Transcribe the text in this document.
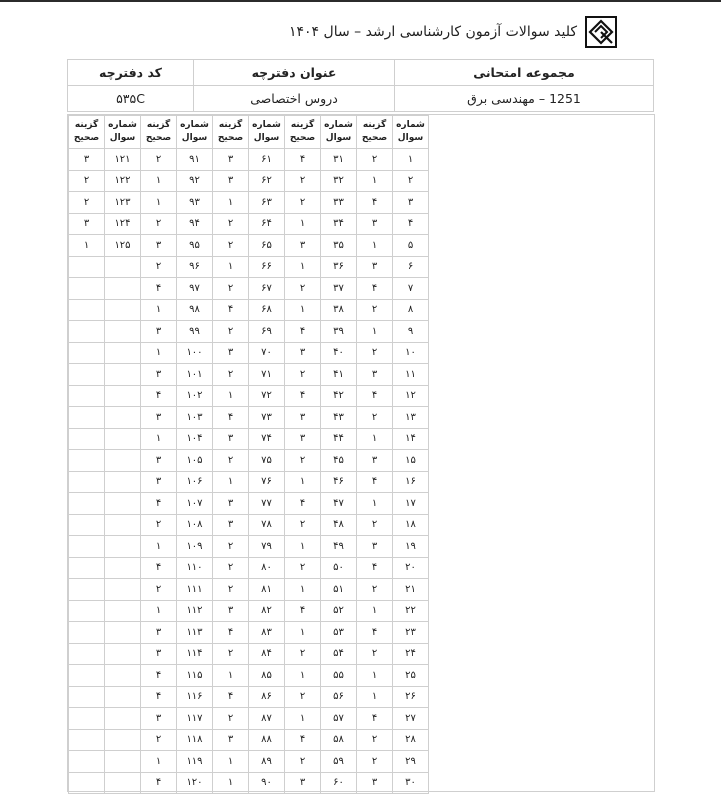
کلید سوالات آزمون کارشناسی ارشد – سال ۱۴۰۴
مجموعه امتحانی	عنوان دفترچه	کد دفترچه
1251 – مهندسی برق	دروس اختصاصی	۵۳۵C
شماره سوال	گزینه صحیح	شماره سوال	گزینه صحیح	شماره سوال	گزینه صحیح	شماره سوال	گزینه صحیح	شماره سوال	گزینه صحیح
۱	۲	۳۱	۴	۶۱	۳	۹۱	۲	۱۲۱	۳
۲	۱	۳۲	۲	۶۲	۳	۹۲	۱	۱۲۲	۲
۳	۴	۳۳	۲	۶۳	۱	۹۳	۱	۱۲۳	۲
۴	۳	۳۴	۱	۶۴	۲	۹۴	۲	۱۲۴	۳
۵	۱	۳۵	۳	۶۵	۲	۹۵	۳	۱۲۵	۱
۶	۳	۳۶	۱	۶۶	۱	۹۶	۲		
۷	۴	۳۷	۲	۶۷	۲	۹۷	۴		
۸	۲	۳۸	۱	۶۸	۴	۹۸	۱		
۹	۱	۳۹	۴	۶۹	۲	۹۹	۳		
۱۰	۲	۴۰	۳	۷۰	۳	۱۰۰	۱		
۱۱	۳	۴۱	۲	۷۱	۲	۱۰۱	۳		
۱۲	۴	۴۲	۴	۷۲	۱	۱۰۲	۴		
۱۳	۲	۴۳	۳	۷۳	۴	۱۰۳	۳		
۱۴	۱	۴۴	۳	۷۴	۳	۱۰۴	۱		
۱۵	۳	۴۵	۲	۷۵	۲	۱۰۵	۳		
۱۶	۴	۴۶	۱	۷۶	۱	۱۰۶	۳		
۱۷	۱	۴۷	۴	۷۷	۳	۱۰۷	۴		
۱۸	۲	۴۸	۲	۷۸	۳	۱۰۸	۲		
۱۹	۳	۴۹	۱	۷۹	۲	۱۰۹	۱		
۲۰	۴	۵۰	۲	۸۰	۲	۱۱۰	۴		
۲۱	۲	۵۱	۱	۸۱	۲	۱۱۱	۲		
۲۲	۱	۵۲	۴	۸۲	۳	۱۱۲	۱		
۲۳	۴	۵۳	۱	۸۳	۴	۱۱۳	۳		
۲۴	۲	۵۴	۲	۸۴	۲	۱۱۴	۳		
۲۵	۱	۵۵	۱	۸۵	۱	۱۱۵	۴		
۲۶	۱	۵۶	۲	۸۶	۴	۱۱۶	۴		
۲۷	۴	۵۷	۱	۸۷	۲	۱۱۷	۳		
۲۸	۲	۵۸	۴	۸۸	۳	۱۱۸	۲		
۲۹	۲	۵۹	۲	۸۹	۱	۱۱۹	۱		
۳۰	۳	۶۰	۳	۹۰	۱	۱۲۰	۴		
